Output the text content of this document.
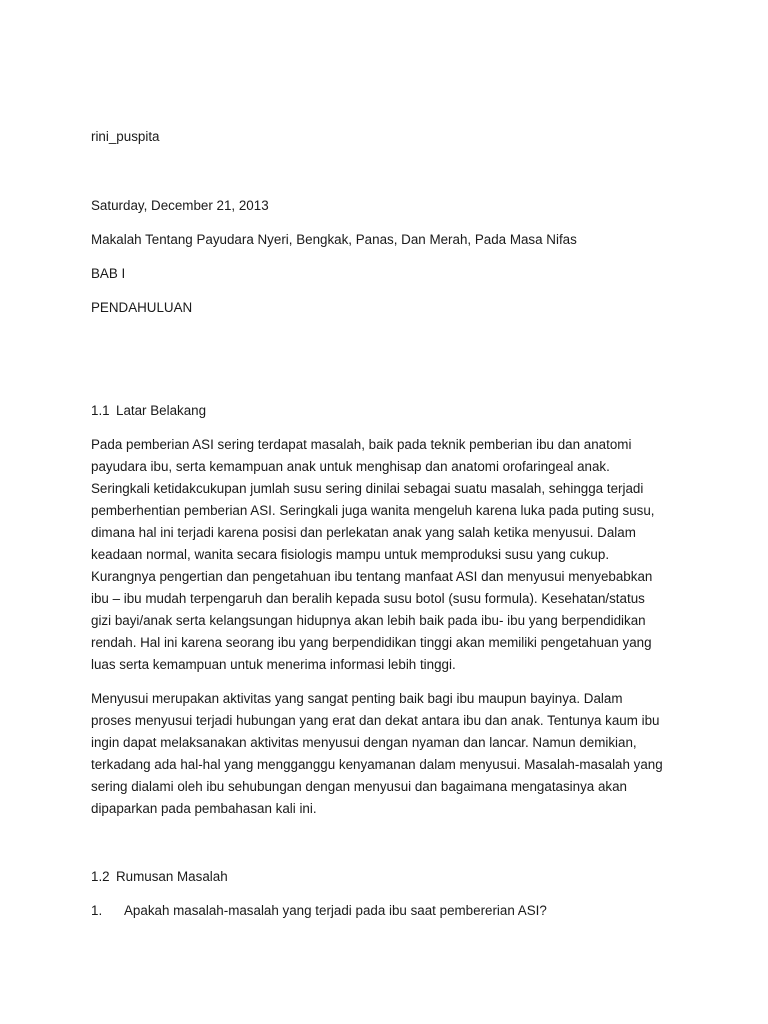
rini_puspita
Saturday, December 21, 2013
Makalah Tentang Payudara Nyeri, Bengkak, Panas, Dan Merah, Pada Masa Nifas
BAB I
PENDAHULUAN
1.1 Latar Belakang
Pada pemberian ASI sering terdapat masalah, baik pada teknik pemberian ibu dan anatomi
payudara ibu, serta kemampuan anak untuk menghisap dan anatomi orofaringeal anak.
Seringkali ketidakcukupan jumlah susu sering dinilai sebagai suatu masalah, sehingga terjadi
pemberhentian pemberian ASI. Seringkali juga wanita mengeluh karena luka pada puting susu,
dimana hal ini terjadi karena posisi dan perlekatan anak yang salah ketika menyusui. Dalam
keadaan normal, wanita secara fisiologis mampu untuk memproduksi susu yang cukup.
Kurangnya pengertian dan pengetahuan ibu tentang manfaat ASI dan menyusui menyebabkan
ibu – ibu mudah terpengaruh dan beralih kepada susu botol (susu formula). Kesehatan/status
gizi bayi/anak serta kelangsungan hidupnya akan lebih baik pada ibu- ibu yang berpendidikan
rendah. Hal ini karena seorang ibu yang berpendidikan tinggi akan memiliki pengetahuan yang
luas serta kemampuan untuk menerima informasi lebih tinggi.
Menyusui merupakan aktivitas yang sangat penting baik bagi ibu maupun bayinya. Dalam
proses menyusui terjadi hubungan yang erat dan dekat antara ibu dan anak. Tentunya kaum ibu
ingin dapat melaksanakan aktivitas menyusui dengan nyaman dan lancar. Namun demikian,
terkadang ada hal-hal yang mengganggu kenyamanan dalam menyusui. Masalah-masalah yang
sering dialami oleh ibu sehubungan dengan menyusui dan bagaimana mengatasinya akan
dipaparkan pada pembahasan kali ini.
1.2 Rumusan Masalah
1. Apakah masalah-masalah yang terjadi pada ibu saat pembererian ASI?
